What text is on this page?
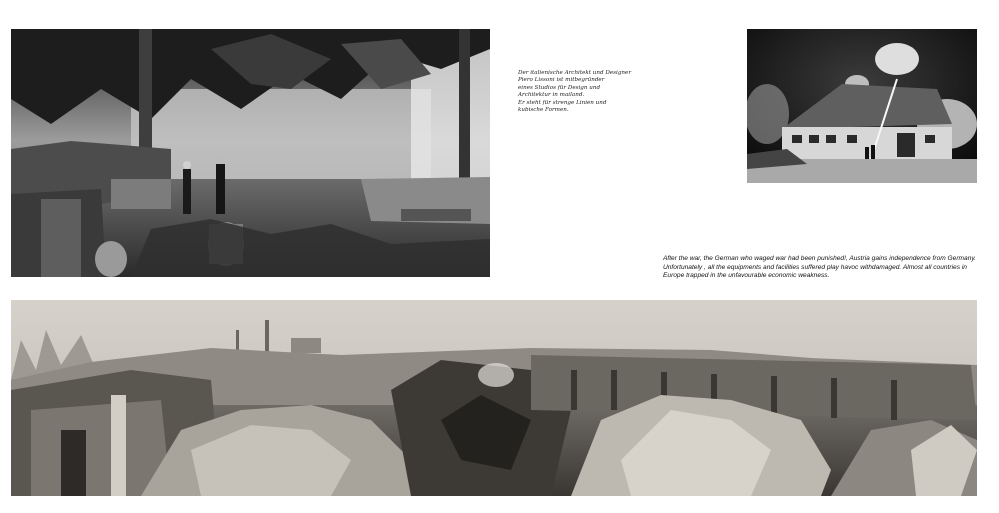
Der italienische Architekt und Designer
Piero Lissoni ist mitbegründer
eines Studios für Design und
Architektur in mailand.
Er steht für strenge Linien und
kubische Formen.
After the war, the German who waged war had been punished!, Austria gains independence from Germany. Unfortunately , all the equipments and facilities suffered play havoc withdamaged. Almost all countries in Europe trapped in the unfavourable economic weakness.
